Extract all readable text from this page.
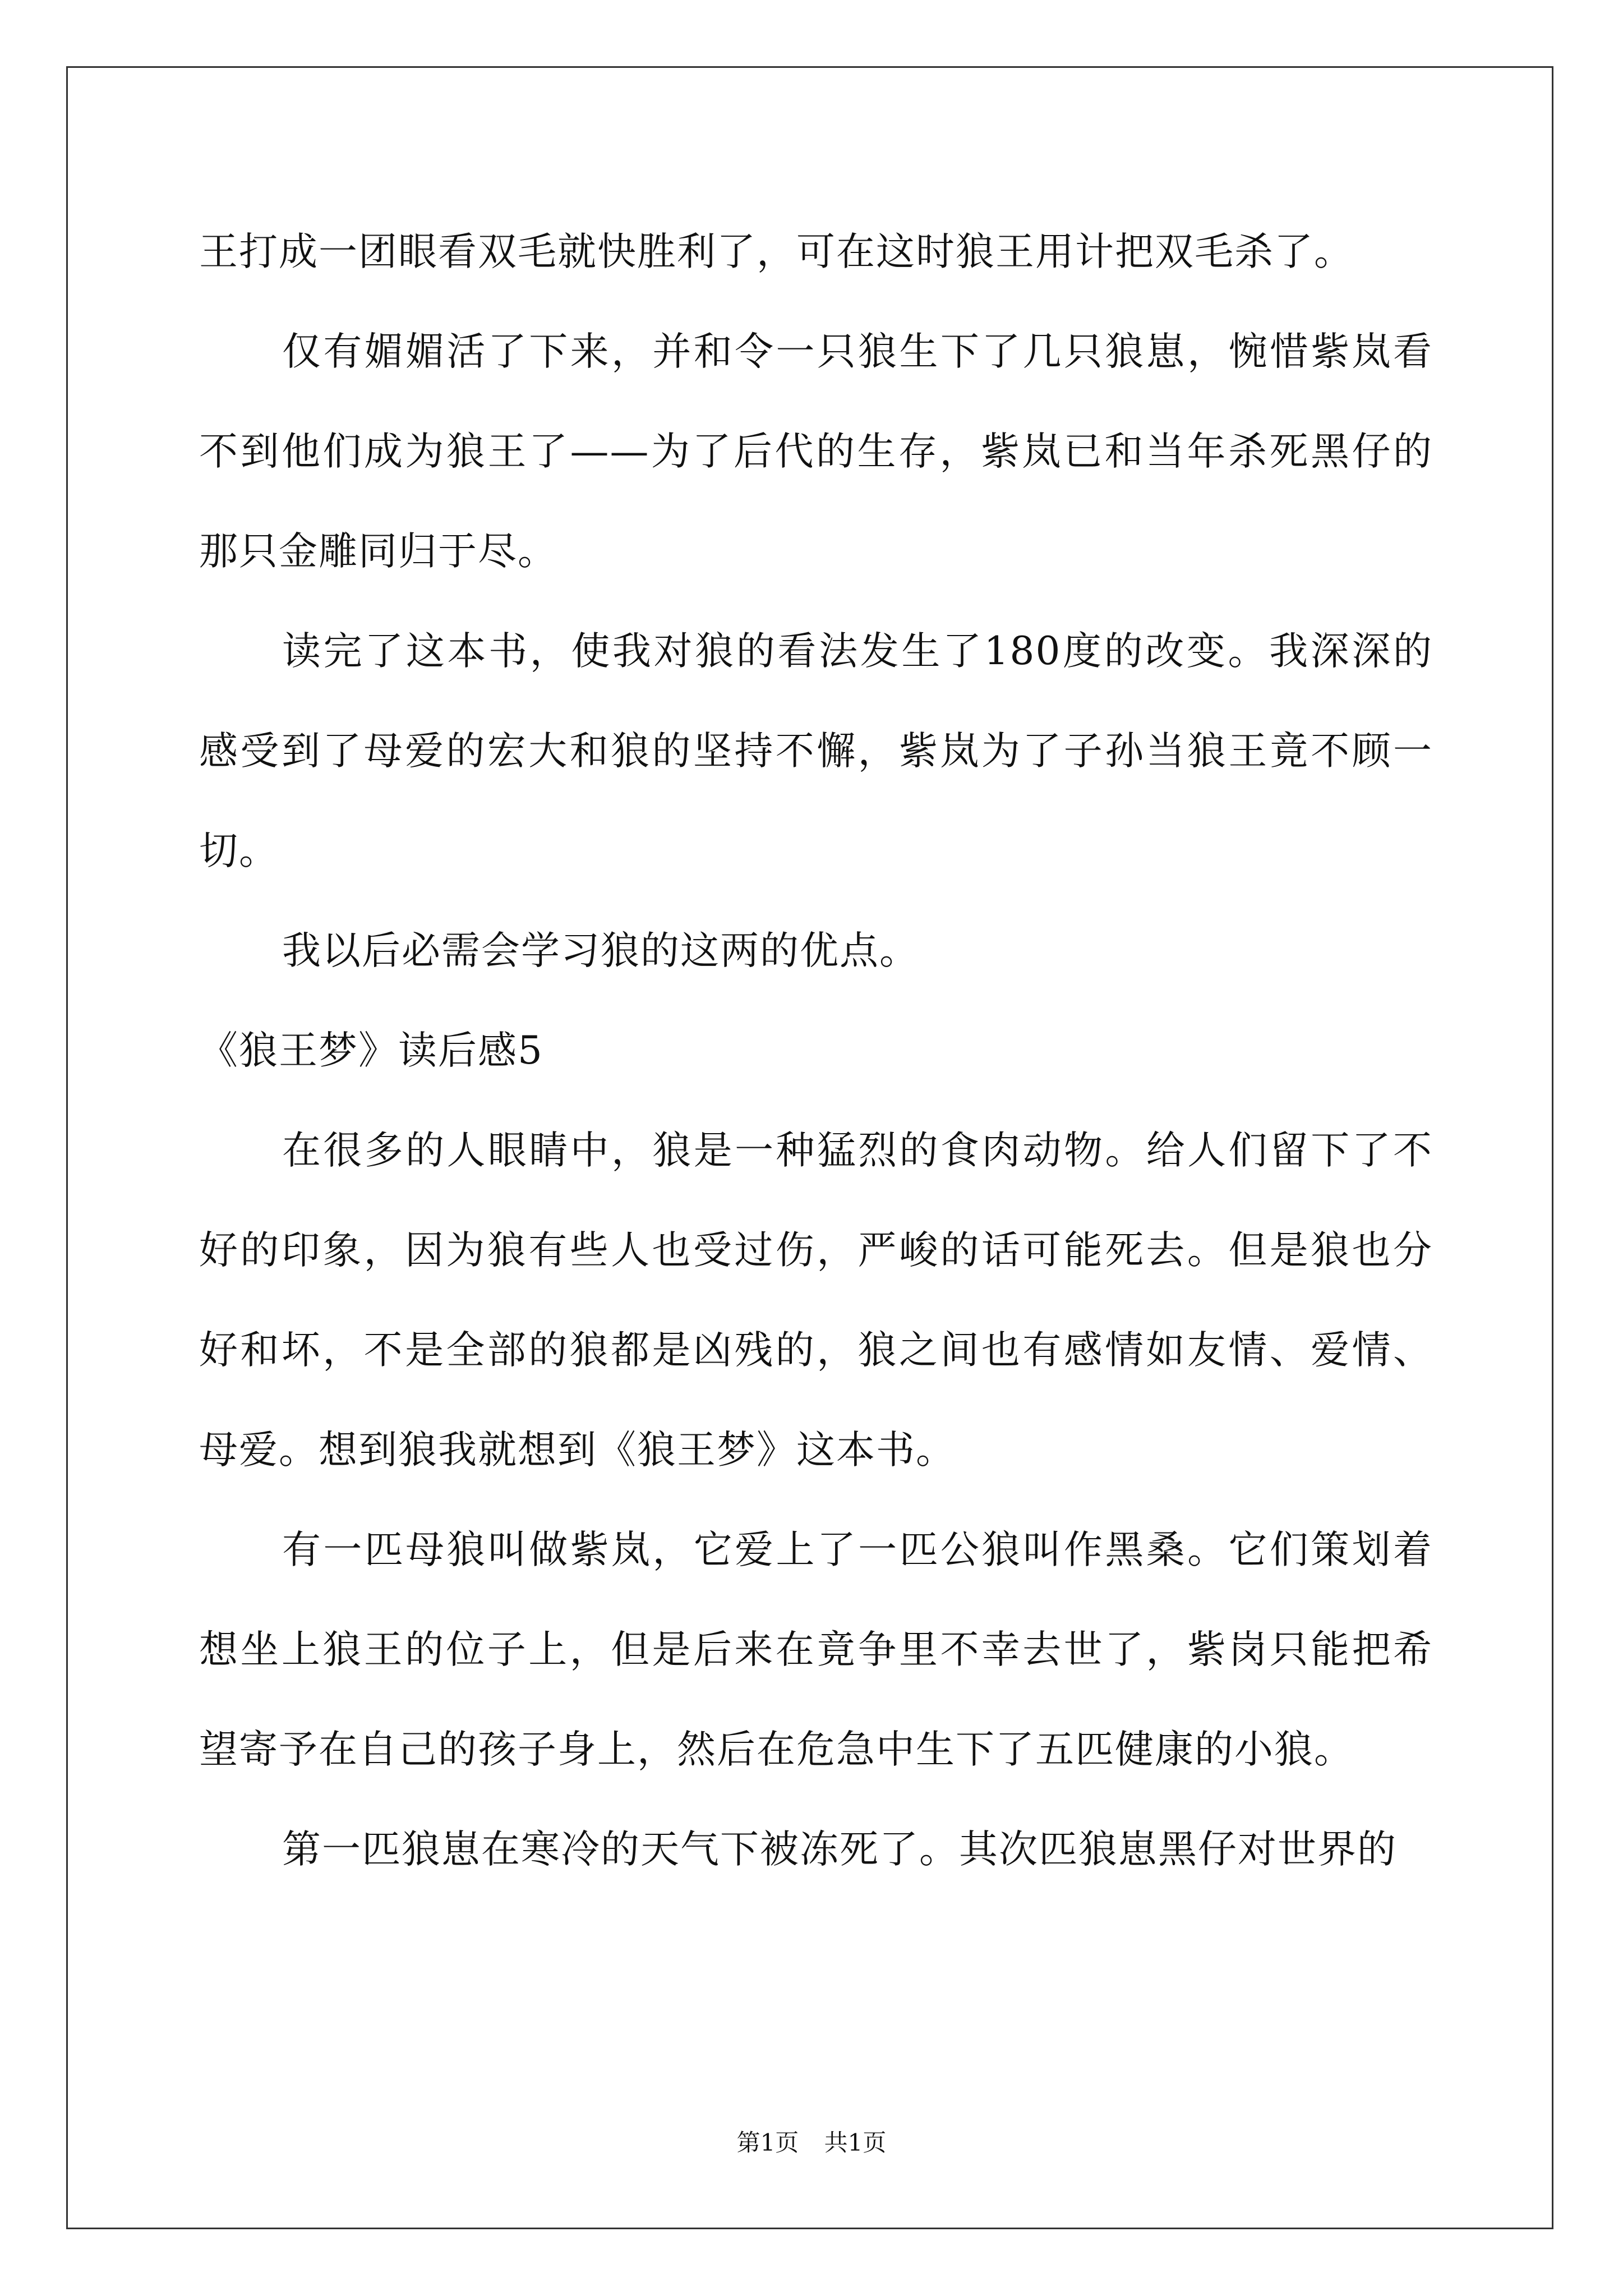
王打成一团眼看双毛就快胜利了，可在这时狼王用计把双毛杀了。

仅有媚媚活了下来，并和令一只狼生下了几只狼崽，惋惜紫岚看不到他们成为狼王了——为了后代的生存，紫岚已和当年杀死黑仔的那只金雕同归于尽。

读完了这本书，使我对狼的看法发生了180度的改变。我深深的感受到了母爱的宏大和狼的坚持不懈，紫岚为了子孙当狼王竟不顾一切。

我以后必需会学习狼的这两的优点。

《狼王梦》读后感5

在很多的人眼睛中，狼是一种猛烈的食肉动物。给人们留下了不好的印象，因为狼有些人也受过伤，严峻的话可能死去。但是狼也分好和坏，不是全部的狼都是凶残的，狼之间也有感情如友情、爱情、母爱。想到狼我就想到《狼王梦》这本书。

有一匹母狼叫做紫岚，它爱上了一匹公狼叫作黑桑。它们策划着想坐上狼王的位子上，但是后来在竟争里不幸去世了，紫岗只能把希望寄予在自己的孩子身上，然后在危急中生下了五匹健康的小狼。

第一匹狼崽在寒冷的天气下被冻死了。其次匹狼崽黑仔对世界的

第1页 共1页
